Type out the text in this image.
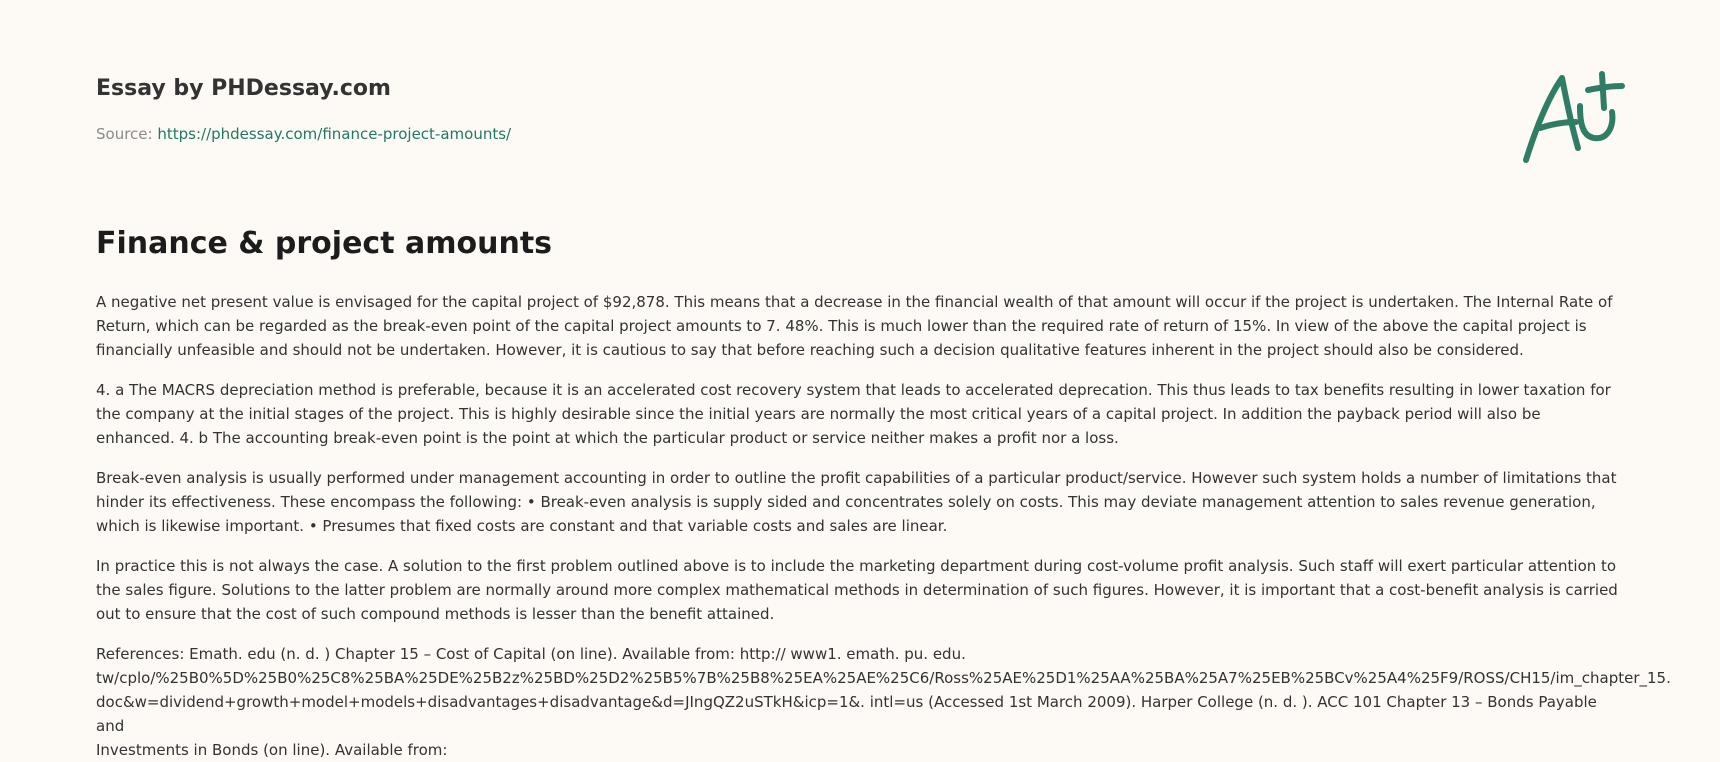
Essay by PHDessay.com
Source: https://phdessay.com/finance-project-amounts/
Finance & project amounts

A negative net present value is envisaged for the capital project of $92,878. This means that a decrease in the financial wealth of that amount will occur if the project is undertaken. The Internal Rate of Return, which can be regarded as the break-even point of the capital project amounts to 7. 48%. This is much lower than the required rate of return of 15%. In view of the above the capital project is financially unfeasible and should not be undertaken. However, it is cautious to say that before reaching such a decision qualitative features inherent in the project should also be considered.

4. a The MACRS depreciation method is preferable, because it is an accelerated cost recovery system that leads to accelerated deprecation. This thus leads to tax benefits resulting in lower taxation for the company at the initial stages of the project. This is highly desirable since the initial years are normally the most critical years of a capital project. In addition the payback period will also be enhanced. 4. b The accounting break-even point is the point at which the particular product or service neither makes a profit nor a loss.

Break-even analysis is usually performed under management accounting in order to outline the profit capabilities of a particular product/service. However such system holds a number of limitations that hinder its effectiveness. These encompass the following: • Break-even analysis is supply sided and concentrates solely on costs. This may deviate management attention to sales revenue generation, which is likewise important. • Presumes that fixed costs are constant and that variable costs and sales are linear.

In practice this is not always the case. A solution to the first problem outlined above is to include the marketing department during cost-volume profit analysis. Such staff will exert particular attention to the sales figure. Solutions to the latter problem are normally around more complex mathematical methods in determination of such figures. However, it is important that a cost-benefit analysis is carried out to ensure that the cost of such compound methods is lesser than the benefit attained.

References: Emath. edu (n. d. ) Chapter 15 – Cost of Capital (on line). Available from: http:// www1. emath. pu. edu.
tw/cplo/%25B0%5D%25B0%25C8%25BA%25DE%25B2z%25BD%25D2%25B5%7B%25B8%25EA%25AE%25C6/Ross%25AE%25D1%25AA%25BA%25A7%25EB%25BCv%25A4%25F9/ROSS/CH15/im_chapter_15.
doc&w=dividend+growth+model+models+disadvantages+disadvantage&d=JIngQZ2uSTkH&icp=1&. intl=us (Accessed 1st March 2009). Harper College (n. d. ). ACC 101 Chapter 13 – Bonds Payable and
Investments in Bonds (on line). Available from:
